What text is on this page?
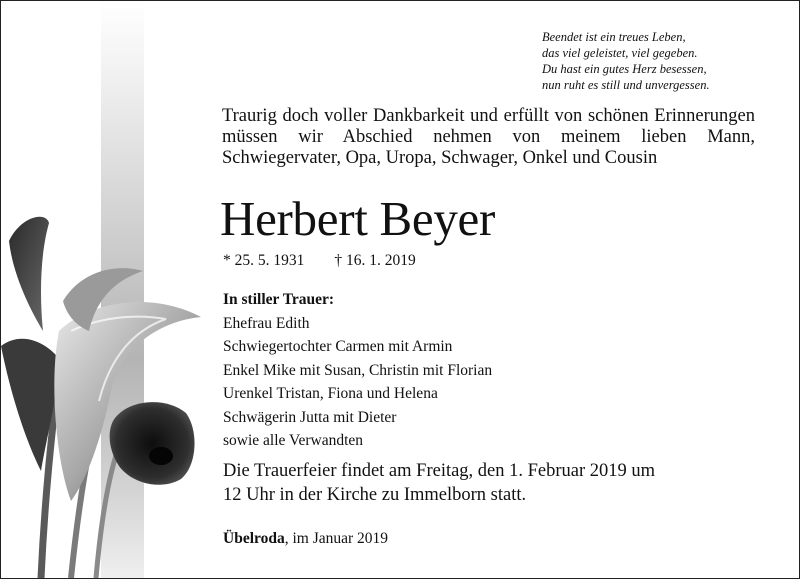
Beendet ist ein treues Leben,
das viel geleistet, viel gegeben.
Du hast ein gutes Herz besessen,
nun ruht es still und unvergessen.
Traurig doch voller Dankbarkeit und erfüllt von schönen Erinnerungen müssen wir Abschied nehmen von meinem lieben Mann, Schwiegervater, Opa, Uropa, Schwager, Onkel und Cousin
Herbert Beyer
* 25. 5. 1931 † 16. 1. 2019
In stiller Trauer:
Ehefrau Edith
Schwiegertochter Carmen mit Armin
Enkel Mike mit Susan, Christin mit Florian
Urenkel Tristan, Fiona und Helena
Schwägerin Jutta mit Dieter
sowie alle Verwandten
Die Trauerfeier findet am Freitag, den 1. Februar 2019 um
12 Uhr in der Kirche zu Immelborn statt.
Übelroda, im Januar 2019
